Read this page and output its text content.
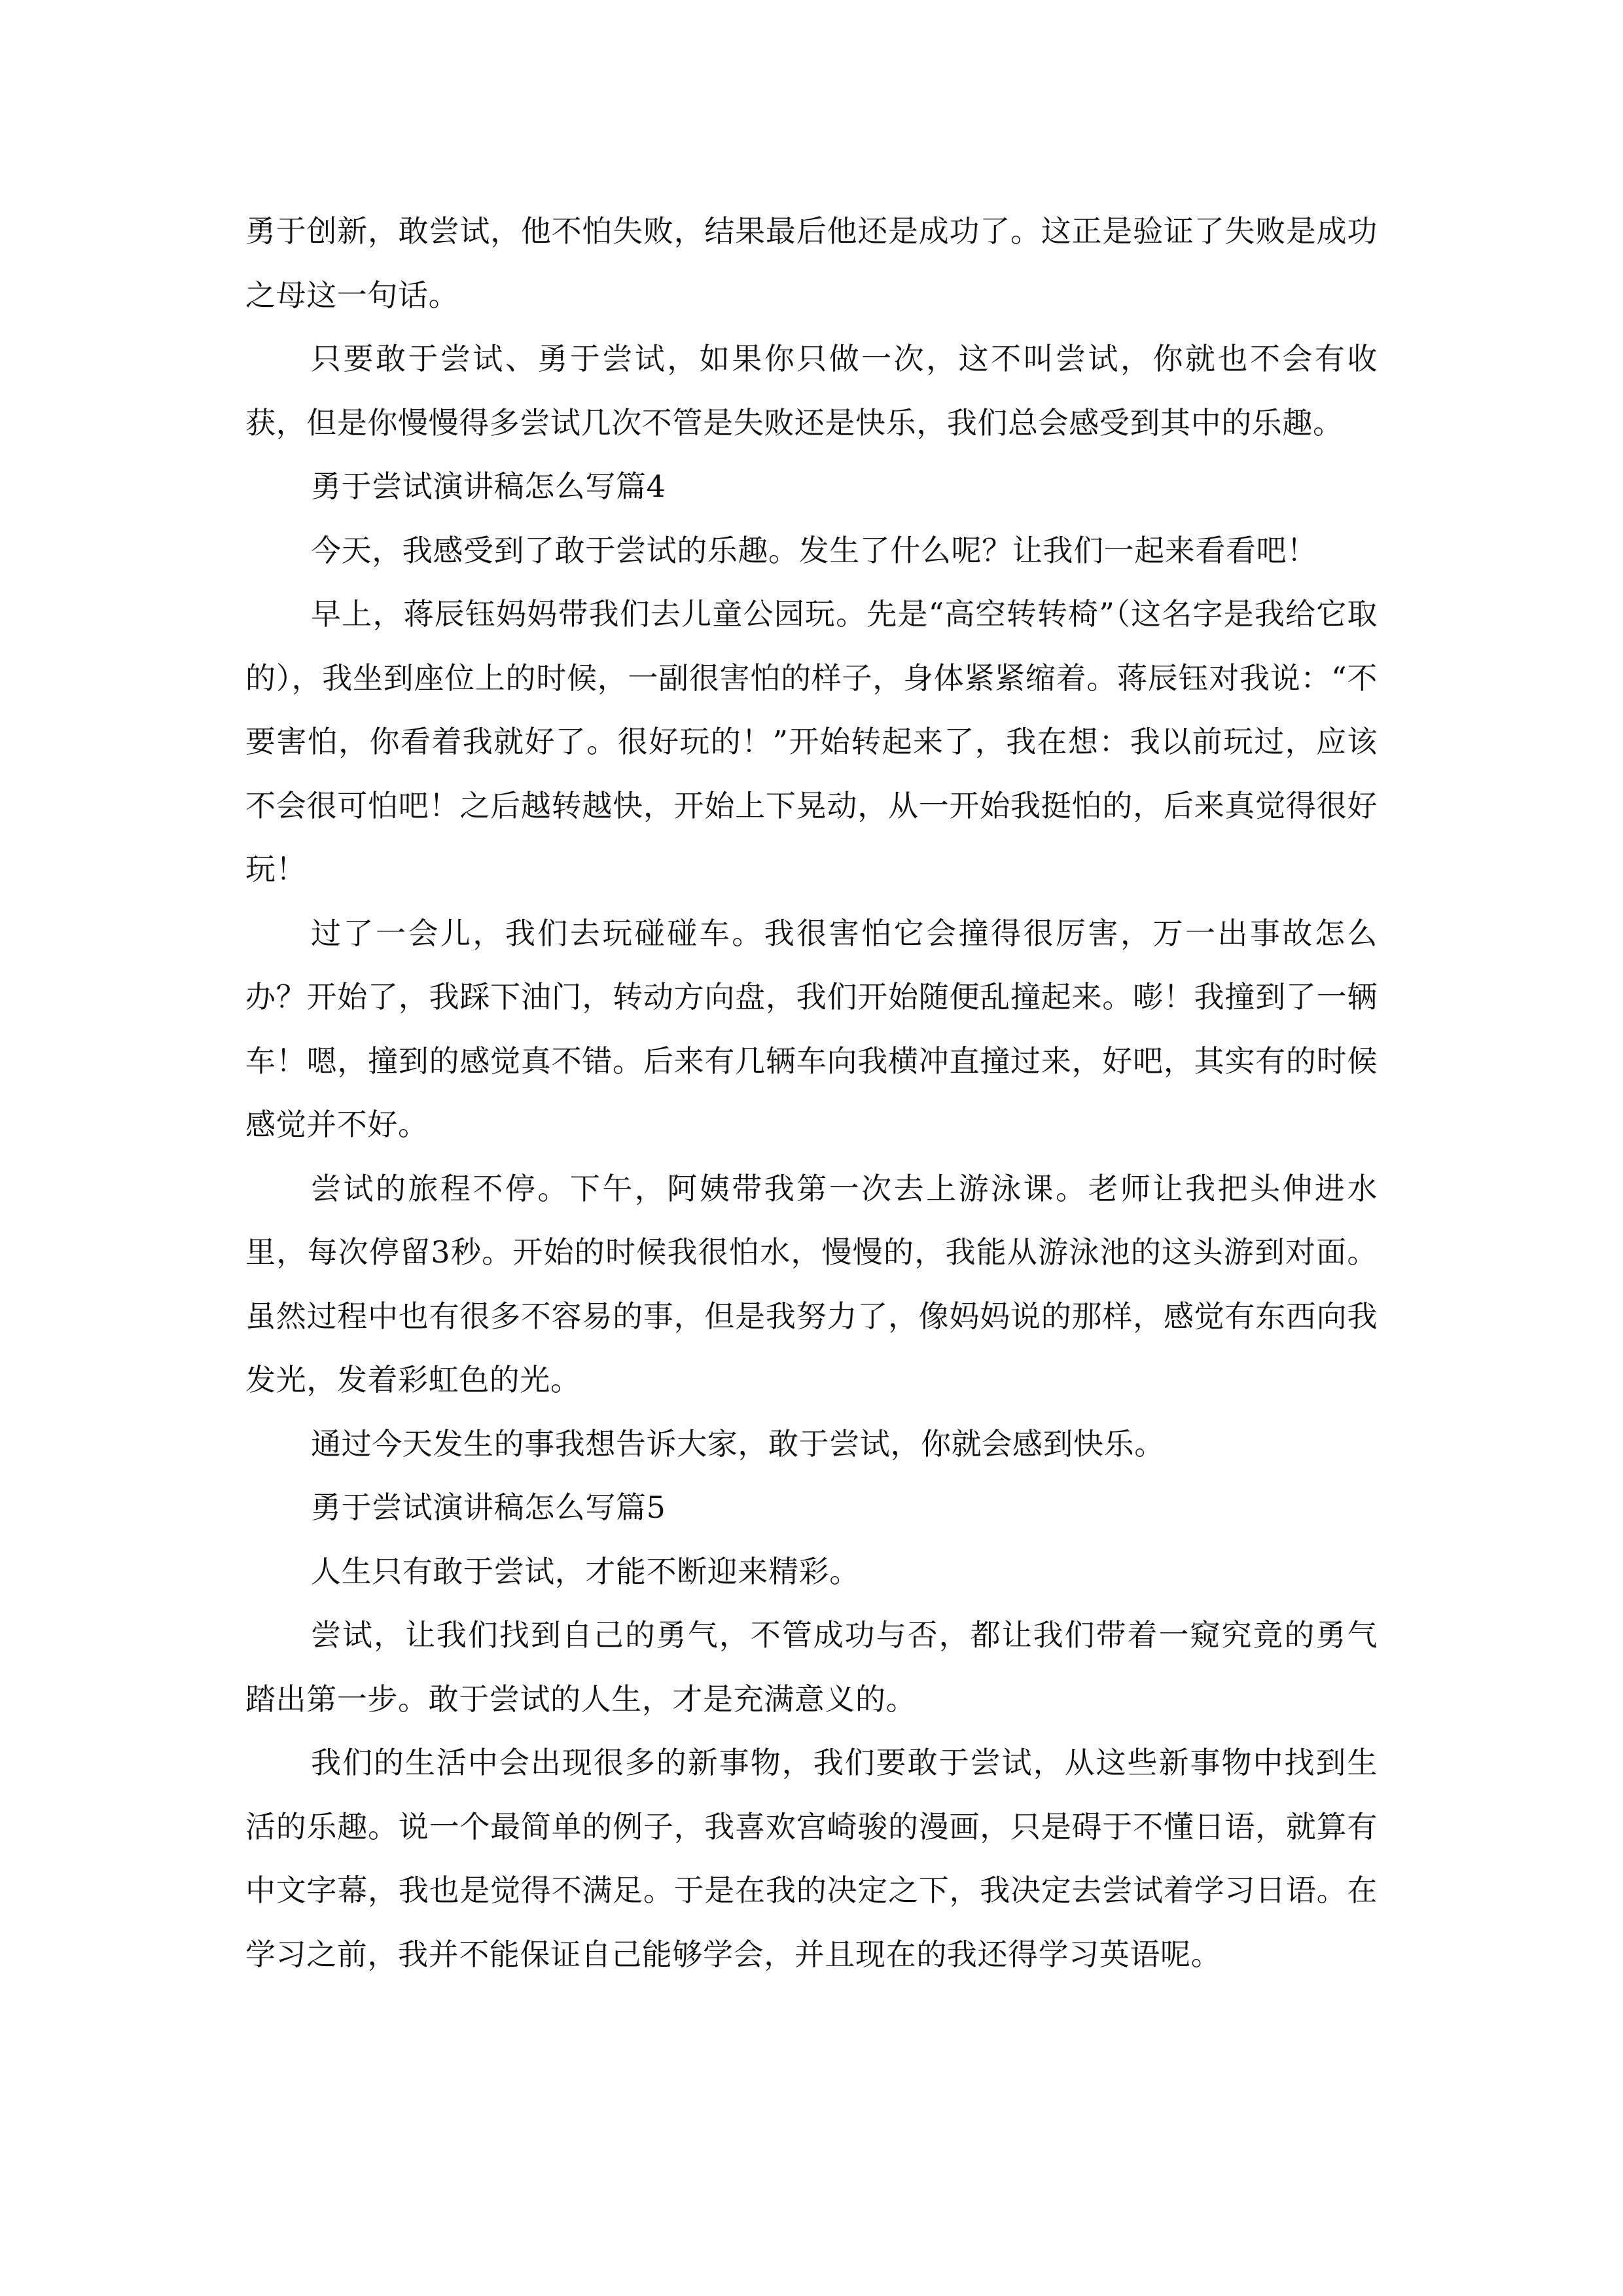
勇于创新，敢尝试，他不怕失败，结果最后他还是成功了。这正是验证了失败是成功之母这一句话。

只要敢于尝试、勇于尝试，如果你只做一次，这不叫尝试，你就也不会有收获，但是你慢慢得多尝试几次不管是失败还是快乐，我们总会感受到其中的乐趣。

勇于尝试演讲稿怎么写篇4

今天，我感受到了敢于尝试的乐趣。发生了什么呢？让我们一起来看看吧！

早上，蒋辰钰妈妈带我们去儿童公园玩。先是“高空转转椅”（这名字是我给它取的），我坐到座位上的时候，一副很害怕的样子，身体紧紧缩着。蒋辰钰对我说：“不要害怕，你看着我就好了。很好玩的！”开始转起来了，我在想：我以前玩过，应该不会很可怕吧！之后越转越快，开始上下晃动，从一开始我挺怕的，后来真觉得很好玩！

过了一会儿，我们去玩碰碰车。我很害怕它会撞得很厉害，万一出事故怎么办？开始了，我踩下油门，转动方向盘，我们开始随便乱撞起来。嘭！我撞到了一辆车！嗯，撞到的感觉真不错。后来有几辆车向我横冲直撞过来，好吧，其实有的时候感觉并不好。

尝试的旅程不停。下午，阿姨带我第一次去上游泳课。老师让我把头伸进水里，每次停留3秒。开始的时候我很怕水，慢慢的，我能从游泳池的这头游到对面。虽然过程中也有很多不容易的事，但是我努力了，像妈妈说的那样，感觉有东西向我发光，发着彩虹色的光。

通过今天发生的事我想告诉大家，敢于尝试，你就会感到快乐。

勇于尝试演讲稿怎么写篇5

人生只有敢于尝试，才能不断迎来精彩。

尝试，让我们找到自己的勇气，不管成功与否，都让我们带着一窥究竟的勇气踏出第一步。敢于尝试的人生，才是充满意义的。

我们的生活中会出现很多的新事物，我们要敢于尝试，从这些新事物中找到生活的乐趣。说一个最简单的例子，我喜欢宫崎骏的漫画，只是碍于不懂日语，就算有中文字幕，我也是觉得不满足。于是在我的决定之下，我决定去尝试着学习日语。在学习之前，我并不能保证自己能够学会，并且现在的我还得学习英语呢。
